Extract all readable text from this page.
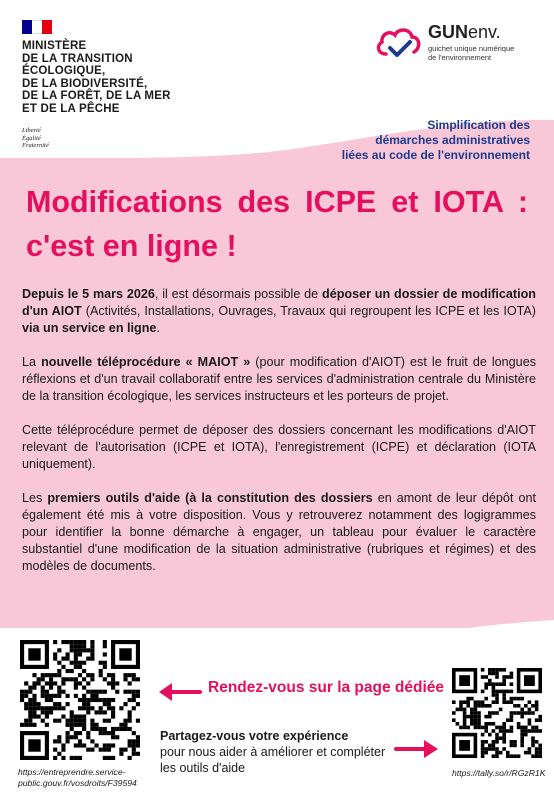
MINISTÈRE
DE LA TRANSITION
ÉCOLOGIQUE,
DE LA BIODIVERSITÉ,
DE LA FORÊT, DE LA MER
ET DE LA PÊCHE
Liberté
Égalité
Fraternité
GUNenv.
guichet unique numérique
de l'environnement
Simplification des
démarches administratives
liées au code de l'environnement
Modifications des ICPE et IOTA : c'est en ligne !

Depuis le 5 mars 2026, il est désormais possible de déposer un dossier de modification d'un AIOT (Activités, Installations, Ouvrages, Travaux qui regroupent les ICPE et les IOTA) via un service en ligne.

La nouvelle téléprocédure « MAIOT » (pour modification d'AIOT) est le fruit de longues réflexions et d'un travail collaboratif entre les services d'administration centrale du Ministère de la transition écologique, les services instructeurs et les porteurs de projet.

Cette téléprocédure permet de déposer des dossiers concernant les modifications d'AIOT relevant de l'autorisation (ICPE et IOTA), l'enregistrement (ICPE) et déclaration (IOTA uniquement).

Les premiers outils d'aide (à la constitution des dossiers en amont de leur dépôt ont également été mis à votre disposition. Vous y retrouverez notamment des logigrammes pour identifier la bonne démarche à engager, un tableau pour évaluer le caractère substantiel d'une modification de la situation administrative (rubriques et régimes) et des modèles de documents.

Rendez-vous sur la page dédiée
Partagez-vous votre expérience
pour nous aider à améliorer et compléter les outils d'aide
https://entreprendre.service-public.gouv.fr/vosdroits/F39594
https://tally.so/r/RGzR1K
